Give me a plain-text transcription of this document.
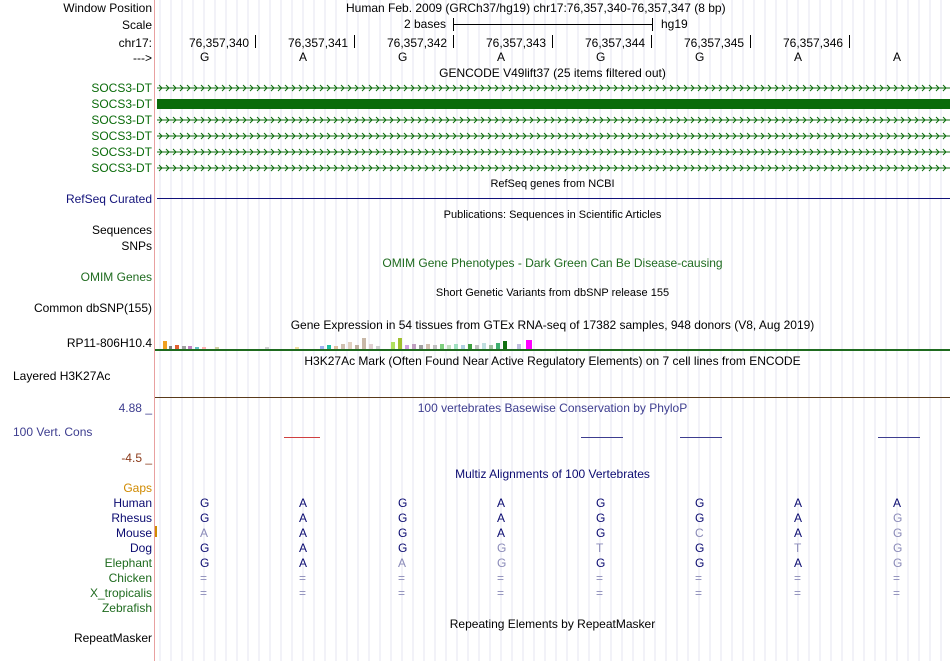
Window Position	Human Feb. 2009 (GRCh37/hg19) chr17:76,357,340-76,357,347 (8 bp)
Scale	2 bases	hg19
chr17:	76,357,340	76,357,341	76,357,342	76,357,343	76,357,344	76,357,345	76,357,346
--->	G	A	G	A	G	G	A	A
GENCODE V49lift37 (25 items filtered out)
SOCS3-DT
SOCS3-DT
SOCS3-DT
SOCS3-DT
SOCS3-DT
SOCS3-DT
RefSeq genes from NCBI
RefSeq Curated
Publications: Sequences in Scientific Articles
Sequences
SNPs
OMIM Gene Phenotypes - Dark Green Can Be Disease-causing
OMIM Genes
Short Genetic Variants from dbSNP release 155
Common dbSNP(155)
Gene Expression in 54 tissues from GTEx RNA-seq of 17382 samples, 948 donors (V8, Aug 2019)
RP11-806H10.4
H3K27Ac Mark (Often Found Near Active Regulatory Elements) on 7 cell lines from ENCODE
Layered H3K27Ac
100 vertebrates Basewise Conservation by PhyloP
4.88 _
100 Vert. Cons
-4.5 _
Multiz Alignments of 100 Vertebrates
Gaps
Human	G	A	G	A	G	G	A	A
Rhesus	G	A	G	A	G	G	A	G
Mouse	A	A	G	A	G	C	A	G
Dog	G	A	G	G	T	G	T	G
Elephant	G	A	A	G	G	G	A	G
Chicken	=	=	=	=	=	=	=	=
X_tropicalis	=	=	=	=	=	=	=	=
Zebrafish
Repeating Elements by RepeatMasker
RepeatMasker
